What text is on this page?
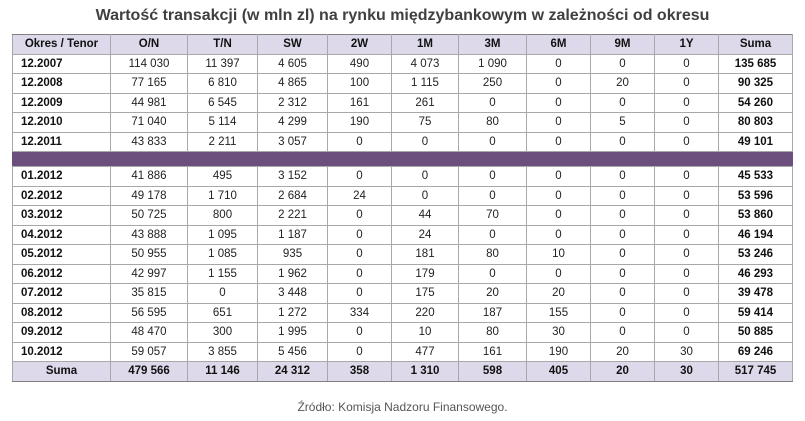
Wartość transakcji (w mln zl) na rynku międzybankowym w zależności od okresu
Okres / Tenor	O/N	T/N	SW	2W	1M	3M	6M	9M	1Y	Suma
12.2007	114 030	11 397	4 605	490	4 073	1 090	0	0	0	135 685
12.2008	77 165	6 810	4 865	100	1 115	250	0	20	0	90 325
12.2009	44 981	6 545	2 312	161	261	0	0	0	0	54 260
12.2010	71 040	5 114	4 299	190	75	80	0	5	0	80 803
12.2011	43 833	2 211	3 057	0	0	0	0	0	0	49 101

01.2012	41 886	495	3 152	0	0	0	0	0	0	45 533
02.2012	49 178	1 710	2 684	24	0	0	0	0	0	53 596
03.2012	50 725	800	2 221	0	44	70	0	0	0	53 860
04.2012	43 888	1 095	1 187	0	24	0	0	0	0	46 194
05.2012	50 955	1 085	935	0	181	80	10	0	0	53 246
06.2012	42 997	1 155	1 962	0	179	0	0	0	0	46 293
07.2012	35 815	0	3 448	0	175	20	20	0	0	39 478
08.2012	56 595	651	1 272	334	220	187	155	0	0	59 414
09.2012	48 470	300	1 995	0	10	80	30	0	0	50 885
10.2012	59 057	3 855	5 456	0	477	161	190	20	30	69 246
Suma	479 566	11 146	24 312	358	1 310	598	405	20	30	517 745
Źródło: Komisja Nadzoru Finansowego.
